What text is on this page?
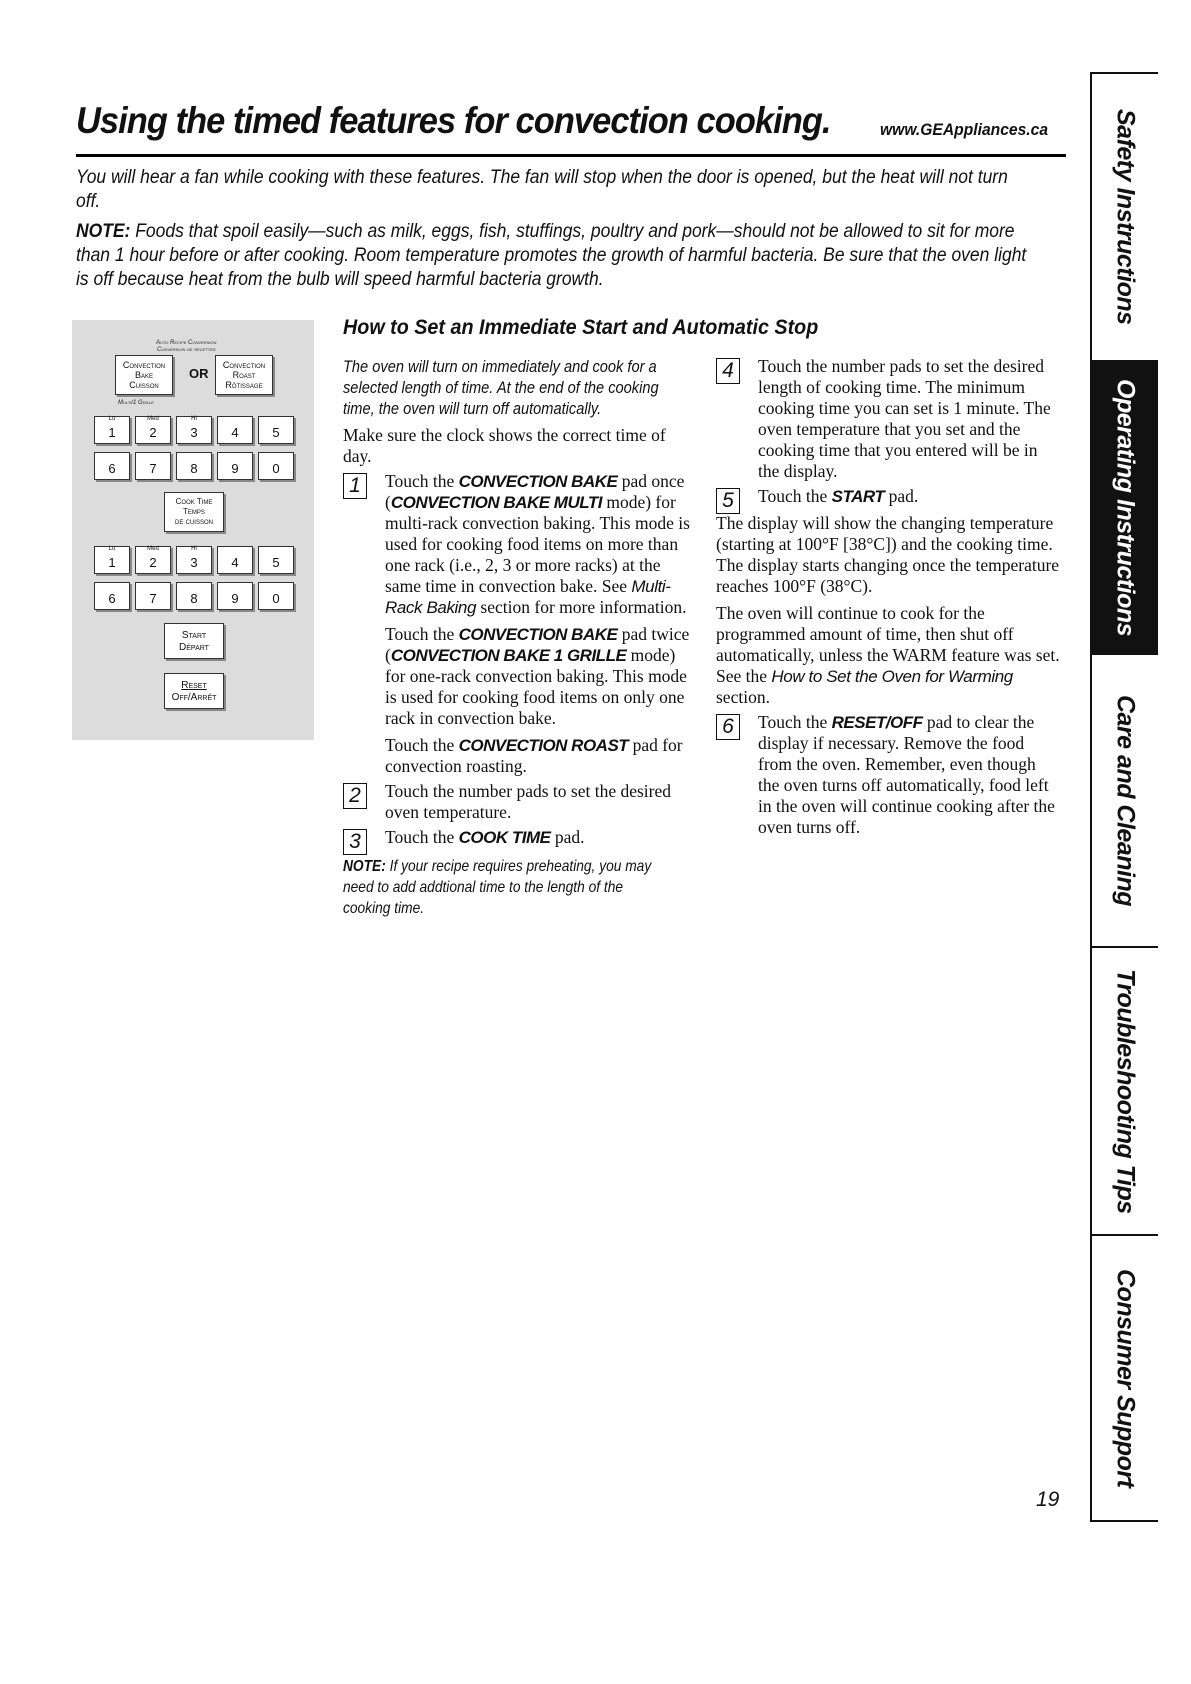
Using the timed features for convection cooking.	www.GEAppliances.ca
You will hear a fan while cooking with these features. The fan will stop when the door is opened, but the heat will not turn off.
NOTE: Foods that spoil easily—such as milk, eggs, fish, stuffings, poultry and pork—should not be allowed to sit for more than 1 hour before or after cooking. Room temperature promotes the growth of harmful bacteria. Be sure that the oven light is off because heat from the bulb will speed harmful bacteria growth.
Auto Recipe Conversion
Conversion de recettes
Convection
Bake
Cuisson
OR
Convection
Roast
Rôtissage
Multi/1 Grille
Lo
1
Med
2
Hi
3	4	5
6	7	8	9	0
Cook Time
Temps
de cuisson
Lo
1
Med
2
Hi
3	4	5
6	7	8	9	0
Start
Départ
Reset
Off/Arrêt
How to Set an Immediate Start and Automatic Stop
The oven will turn on immediately and cook for a selected length of time. At the end of the cooking time, the oven will turn off automatically.
Make sure the clock shows the correct time of day.
1	Touch the CONVECTION BAKE pad once (CONVECTION BAKE MULTI mode) for multi-rack convection baking. This mode is used for cooking food items on more than one rack (i.e., 2, 3 or more racks) at the same time in convection bake. See Multi-Rack Baking section for more information.
Touch the CONVECTION BAKE pad twice (CONVECTION BAKE 1 GRILLE mode) for one-rack convection baking. This mode is used for cooking food items on only one rack in convection bake.
Touch the CONVECTION ROAST pad for convection roasting.
2	Touch the number pads to set the desired oven temperature.
3	Touch the COOK TIME pad.
NOTE: If your recipe requires preheating, you may need to add addtional time to the length of the cooking time.
4	Touch the number pads to set the desired length of cooking time. The minimum cooking time you can set is 1 minute. The oven temperature that you set and the cooking time that you entered will be in the display.
5	Touch the START pad.
The display will show the changing temperature (starting at 100°F [38°C]) and the cooking time. The display starts changing once the temperature reaches 100°F (38°C).
The oven will continue to cook for the programmed amount of time, then shut off automatically, unless the WARM feature was set. See the How to Set the Oven for Warming section.
6	Touch the RESET/OFF pad to clear the display if necessary. Remove the food from the oven. Remember, even though the oven turns off automatically, food left in the oven will continue cooking after the oven turns off.
Safety Instructions
Operating Instructions
Care and Cleaning
Troubleshooting Tips
Consumer Support
19
